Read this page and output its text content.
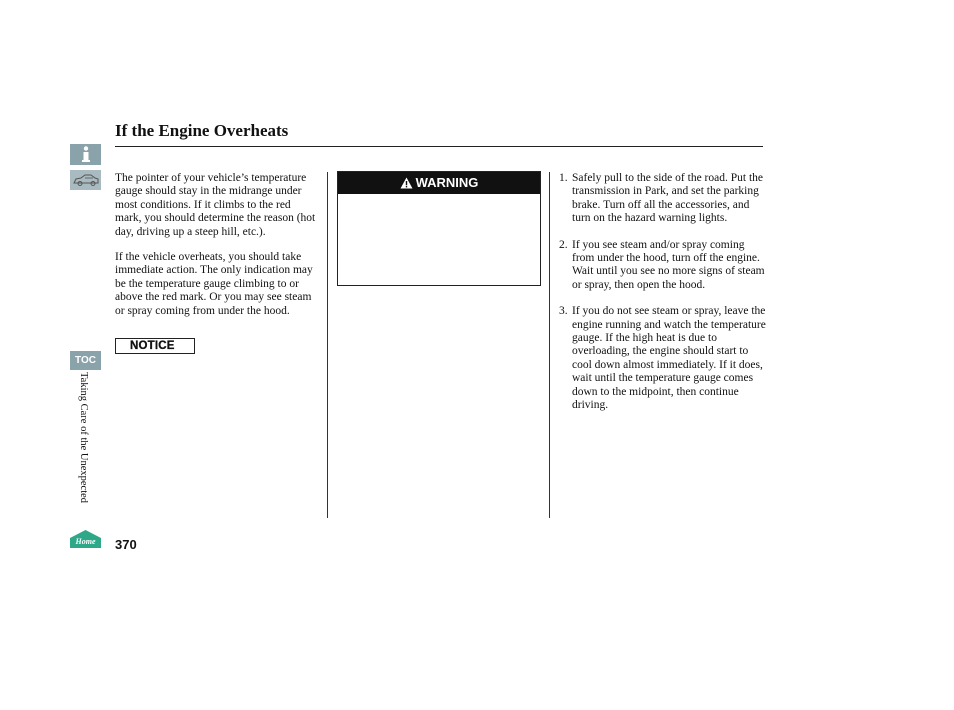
If the Engine Overheats
TOC
Taking Care of the Unexpected
Home 370

The pointer of your vehicle’s temperature gauge should stay in the midrange under most conditions. If it climbs to the red mark, you should determine the reason (hot day, driving up a steep hill, etc.).

If the vehicle overheats, you should take immediate action. The only indication may be the temperature gauge climbing to or above the red mark. Or you may see steam or spray coming from under the hood.

NOTICE
WARNING	1. Safely pull to the side of the road. Put the transmission in Park, and set the parking brake. Turn off all the accessories, and turn on the hazard warning lights.
2. If you see steam and/or spray coming from under the hood, turn off the engine. Wait until you see no more signs of steam or spray, then open the hood.
3. If you do not see steam or spray, leave the engine running and watch the temperature gauge. If the high heat is due to overloading, the engine should start to cool down almost immediately. If it does, wait until the temperature gauge comes down to the midpoint, then continue driving.
